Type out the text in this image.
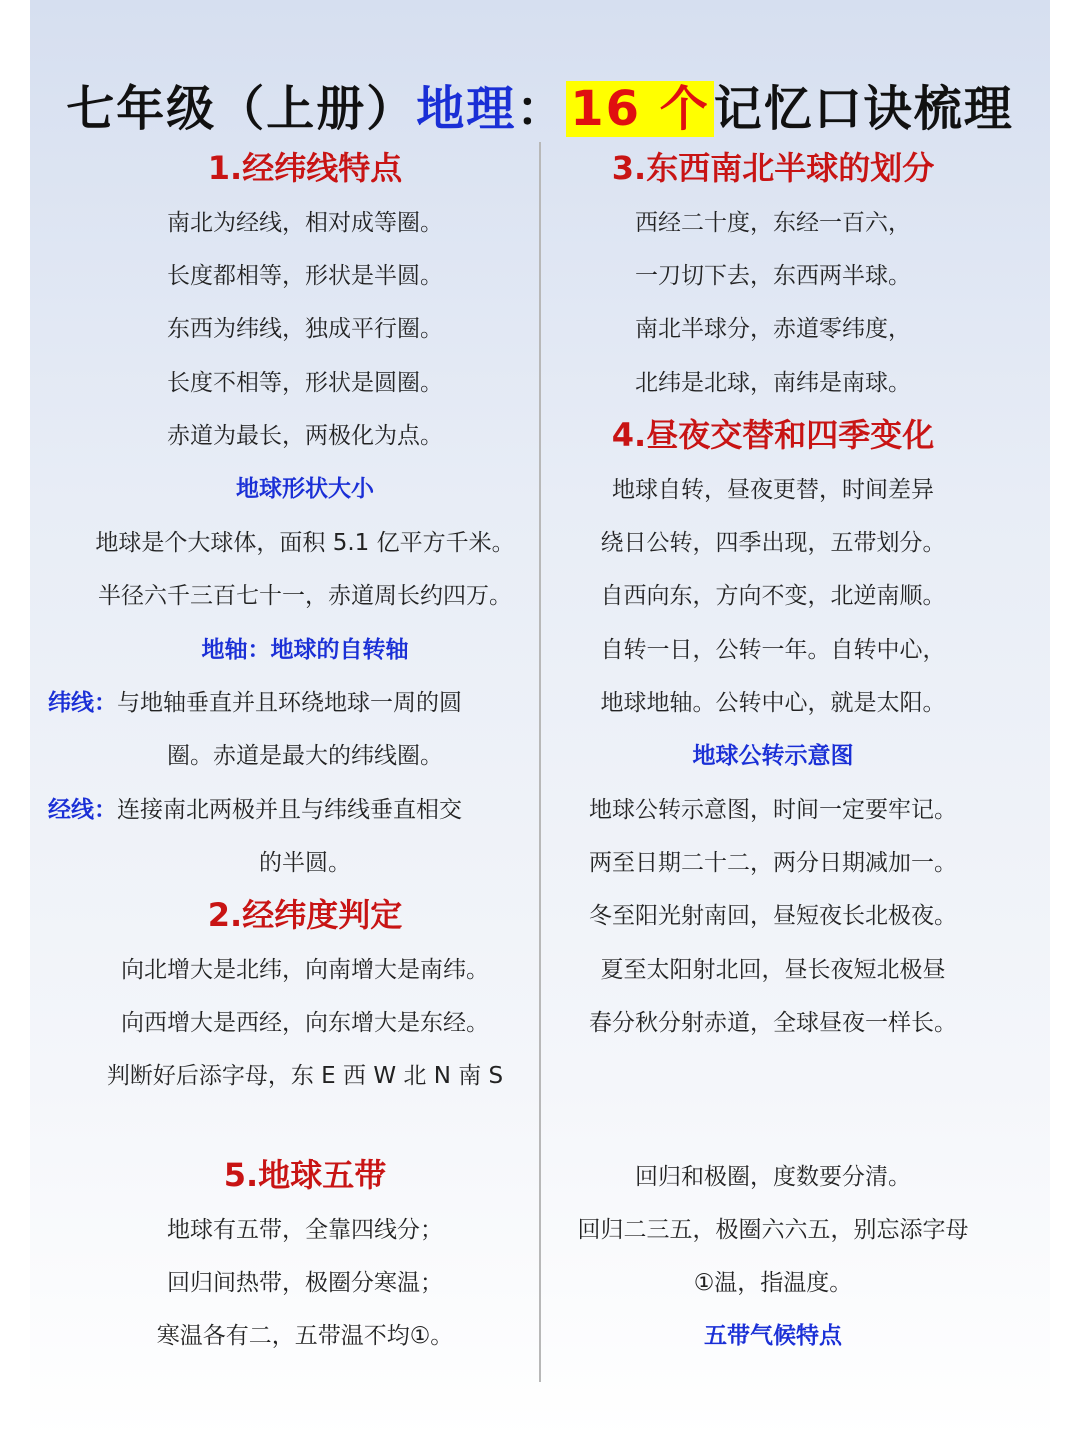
七年级（上册）地理：16 个记忆口诀梳理
1.经纬线特点
南北为经线，相对成等圈。
长度都相等，形状是半圆。
东西为纬线，独成平行圈。
长度不相等，形状是圆圈。
赤道为最长，两极化为点。
地球形状大小
地球是个大球体，面积 5.1 亿平方千米。
半径六千三百七十一，赤道周长约四万。
地轴：地球的自转轴
纬线：与地轴垂直并且环绕地球一周的圆
圈。赤道是最大的纬线圈。
经线：连接南北两极并且与纬线垂直相交
的半圆。
2.经纬度判定
向北增大是北纬，向南增大是南纬。
向西增大是西经，向东增大是东经。
判断好后添字母，东 E 西 W 北 N 南 S
5.地球五带
地球有五带，全靠四线分；
回归间热带，极圈分寒温；
寒温各有二，五带温不均①。
3.东西南北半球的划分
西经二十度，东经一百六，
一刀切下去，东西两半球。
南北半球分，赤道零纬度，
北纬是北球，南纬是南球。
4.昼夜交替和四季变化
地球自转，昼夜更替，时间差异
绕日公转，四季出现，五带划分。
自西向东，方向不变，北逆南顺。
自转一日，公转一年。自转中心，
地球地轴。公转中心，就是太阳。
地球公转示意图
地球公转示意图，时间一定要牢记。
两至日期二十二，两分日期减加一。
冬至阳光射南回，昼短夜长北极夜。
夏至太阳射北回，昼长夜短北极昼
春分秋分射赤道，全球昼夜一样长。
回归和极圈，度数要分清。
回归二三五，极圈六六五，别忘添字母
①温，指温度。
五带气候特点
